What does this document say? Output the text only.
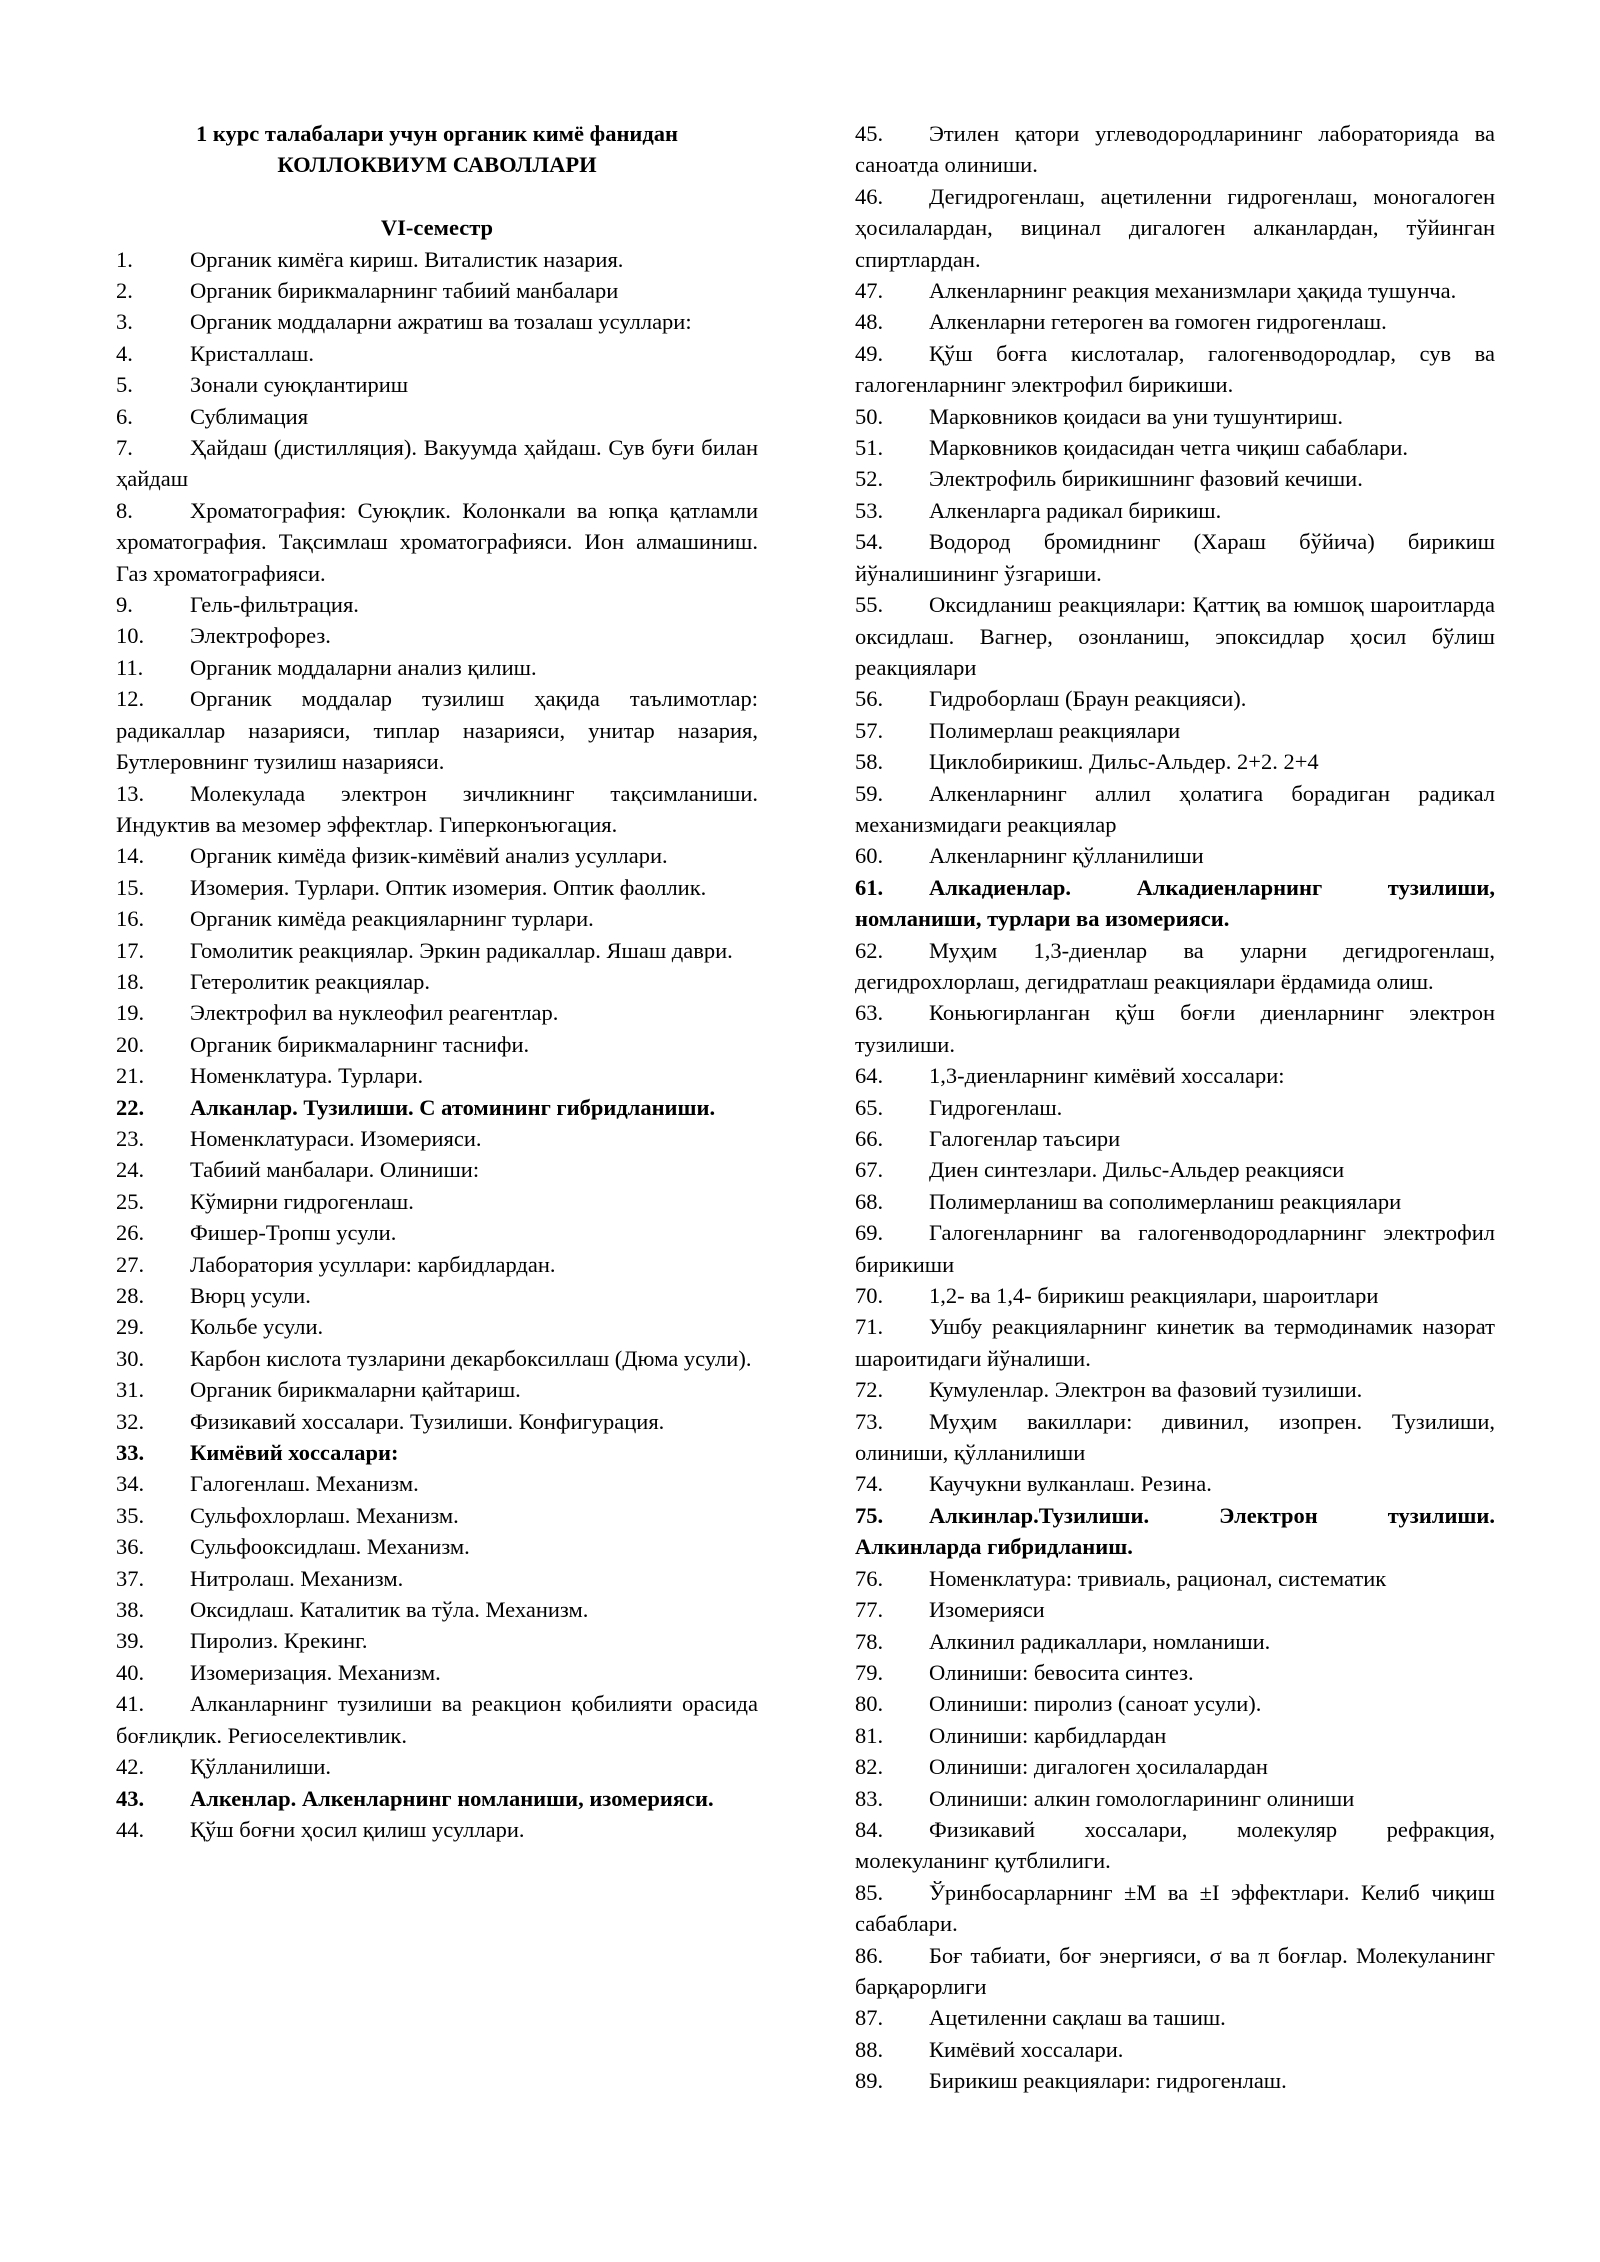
1 курс талабалари учун органик кимё фанидан
КОЛЛОКВИУМ САВОЛЛАРИ
VI-семестр
1.	Органик кимёга кириш. Виталистик назария.
2.	Органик бирикмаларнинг табиий манбалари
3.	Органик моддаларни ажратиш ва тозалаш усуллари:
4.	Кристаллаш.
5.	Зонали суюқлантириш
6.	Сублимация
7.	Ҳайдаш (дистилляция). Вакуумда ҳайдаш. Сув буғи билан ҳайдаш
8.	Хроматография: Суюқлик. Колонкали ва юпқа қатламли хроматография. Тақсимлаш хроматографияси. Ион алмашиниш. Газ хроматографияси.
9.	Гель-фильтрация.
10. Электрофорез.
11. Органик моддаларни анализ қилиш.
12. Органик моддалар тузилиш ҳақида таълимотлар: радикаллар назарияси, типлар назарияси, унитар назария, Бутлеровнинг тузилиш назарияси.
13. Молекулада электрон зичликнинг тақсимланиши. Индуктив ва мезомер эффектлар. Гиперконъюгация.
14. Органик кимёда физик-кимёвий анализ усуллари.
15. Изомерия. Турлари. Оптик изомерия. Оптик фаоллик.
16. Органик кимёда реакцияларнинг турлари.
17. Гомолитик реакциялар. Эркин радикаллар. Яшаш даври.
18. Гетеролитик реакциялар.
19. Электрофил ва нуклеофил реагентлар.
20. Органик бирикмаларнинг таснифи.
21. Номенклатура. Турлари.
22. Алканлар. Тузилиши. С атомининг гибридланиши.
23. Номенклатураси. Изомерияси.
24. Табиий манбалари. Олиниши:
25. Кўмирни гидрогенлаш.
26. Фишер-Тропш усули.
27. Лаборатория усуллари: карбидлардан.
28. Вюрц усули.
29. Кольбе усули.
30. Карбон кислота тузларини декарбоксиллаш (Дюма усули).
31. Органик бирикмаларни қайтариш.
32. Физикавий хоссалари. Тузилиши. Конфигурация.
33. Кимёвий хоссалари:
34. Галогенлаш. Механизм.
35. Сульфохлорлаш. Механизм.
36. Сульфооксидлаш. Механизм.
37. Нитролаш. Механизм.
38. Оксидлаш. Каталитик ва тўла. Механизм.
39. Пиролиз. Крекинг.
40. Изомеризация. Механизм.
41. Алканларнинг тузилиши ва реакцион қобилияти орасида боғлиқлик. Региоселективлик.
42. Қўлланилиши.
43. Алкенлар. Алкенларнинг номланиши, изомерияси.
44. Қўш боғни ҳосил қилиш усуллари.
45. Этилен қатори углеводородларининг лабораторияда ва саноатда олиниши.
46. Дегидрогенлаш, ацетиленни гидрогенлаш, моногалоген ҳосилалардан, вицинал дигалоген алканлардан, тўйинган спиртлардан.
47. Алкенларнинг реакция механизмлари ҳақида тушунча.
48. Алкенларни гетероген ва гомоген гидрогенлаш.
49. Қўш боғга кислоталар, галогенводородлар, сув ва галогенларнинг электрофил бирикиши.
50. Марковников қоидаси ва уни тушунтириш.
51. Марковников қоидасидан четга чиқиш сабаблари.
52. Электрофиль бирикишнинг фазовий кечиши.
53. Алкенларга радикал бирикиш.
54. Водород бромиднинг (Хараш бўйича) бирикиш йўналишининг ўзгариши.
55. Оксидланиш реакциялари: Қаттиқ ва юмшоқ шароитларда оксидлаш. Вагнер, озонланиш, эпоксидлар ҳосил бўлиш реакциялари
56. Гидроборлаш (Браун реакцияси).
57. Полимерлаш реакциялари
58. Циклобирикиш. Дильс-Альдер. 2+2. 2+4
59. Алкенларнинг аллил ҳолатига борадиган радикал механизмидаги реакциялар
60. Алкенларнинг қўлланилиши
61. Алкадиенлар. Алкадиенларнинг тузилиши, номланиши, турлари ва изомерияси.
62. Муҳим 1,3-диенлар ва уларни дегидрогенлаш, дегидрохлорлаш, дегидратлаш реакциялари ёрдамида олиш.
63. Коньюгирланган қўш боғли диенларнинг электрон тузилиши.
64. 1,3-диенларнинг кимёвий хоссалари:
65. Гидрогенлаш.
66. Галогенлар таъсири
67. Диен синтезлари. Дильс-Альдер реакцияси
68. Полимерланиш ва сополимерланиш реакциялари
69. Галогенларнинг ва галогенводородларнинг электрофил бирикиши
70. 1,2- ва 1,4- бирикиш реакциялари, шароитлари
71. Ушбу реакцияларнинг кинетик ва термодинамик назорат шароитидаги йўналиши.
72. Кумуленлар. Электрон ва фазовий тузилиши.
73. Муҳим вакиллари: дивинил, изопрен. Тузилиши, олиниши, қўлланилиши
74. Каучукни вулканлаш. Резина.
75. Алкинлар.Тузилиши. Электрон тузилиши. Алкинларда гибридланиш.
76. Номенклатура: тривиаль, рационал, систематик
77. Изомерияси
78. Алкинил радикаллари, номланиши.
79. Олиниши: бевосита синтез.
80. Олиниши: пиролиз (саноат усули).
81. Олиниши: карбидлардан
82. Олиниши: дигалоген ҳосилалардан
83. Олиниши: алкин гомологларининг олиниши
84. Физикавий хоссалари, молекуляр рефракция, молекуланинг қутблилиги.
85. Ўринбосарларнинг ±M ва ±I эффектлари. Келиб чиқиш сабаблари.
86. Боғ табиати, боғ энергияси, σ ва π боғлар. Молекуланинг барқарорлиги
87. Ацетиленни сақлаш ва ташиш.
88. Кимёвий хоссалари.
89. Бирикиш реакциялари: гидрогенлаш.
